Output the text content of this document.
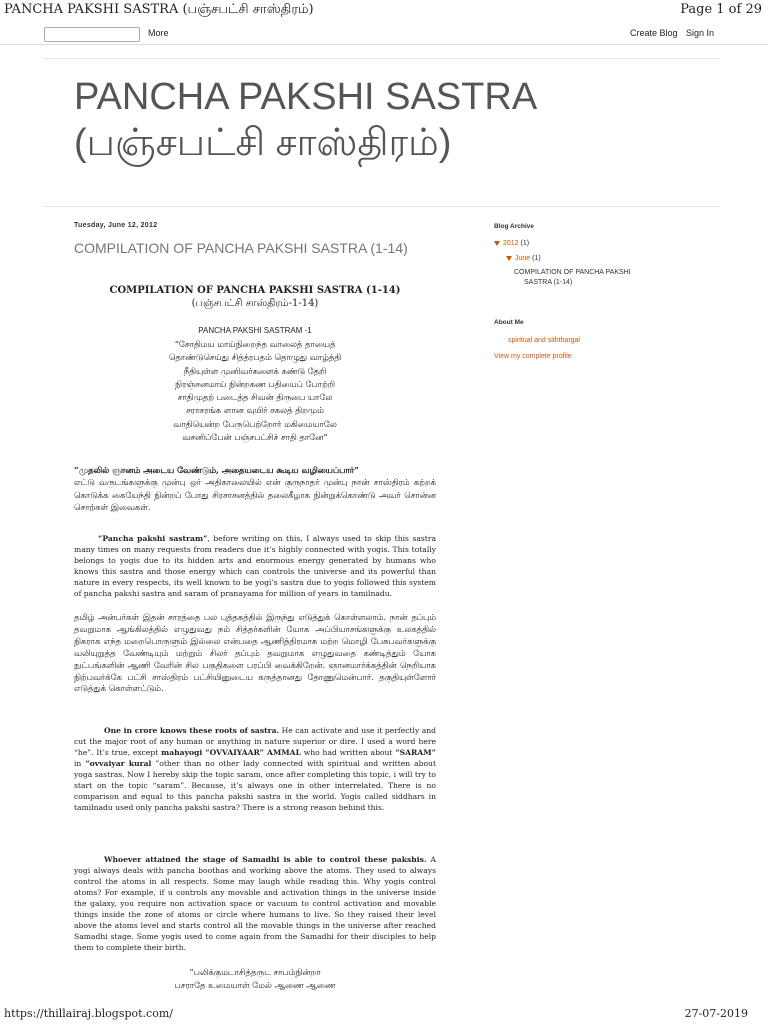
PANCHA PAKSHI SASTRA (பஞ்சபட்சி சாஸ்திரம்)	Page 1 of 29
More	Create Blog Sign In
PANCHA PAKSHI SASTRA
(பஞ்சபட்சி சாஸ்திரம்)
Tuesday, June 12, 2012
COMPILATION OF PANCHA PAKSHI SASTRA (1-14)
COMPILATION OF PANCHA PAKSHI SASTRA (1-14)
(பஞ்சபட்சி சாஸ்திரம்-1-14)
PANCHA PAKSHI SASTRAM -1
“சோதிமய மாய்நிறைந்த வாலைத் தாயைத்
தொண்டுசெய்து சித்த்ரபதம் தொழுது வாழ்த்தி
நீதியுள்ள முனிவர்களைக் கண்டு தேறி
நிரஞ்சனமாய் நின்றகண பதியைப் போற்றி
சாதிமுதற் படைத்த சிவன் திருபை யாலே
சராசரங்க ளான வுயிர் சகலத் திறமும்
வாதியென்ற பேருபெற்றோர் மகிமையாலே
வசனிப்பேன் பஞ்சபட்சிச் சாதி தானே”
“முதலில் ஞானம் அடைய வேண்டும், அதையடைய கூடிய வழியைப்பார்”
எட்டு வருடங்களுக்கு முன்பு ஒர் அதிகாலையில் என் குருநாதர் முன்பு நான் சாஸ்திரம் கற்றக் கொடுக்க கையேந்தி நின்றப் போது சிரசாசனத்தில் தலைகீழாக நின்றுக்கொண்டு அவர் சொன்ன சொற்கள் இவைகள்.
“Pancha pakshi sastram”, before writing on this, I always used to skip this sastra many times on many requests from readers due it’s highly connected with yogis. This totally belongs to yogis due to its hidden arts and enormous energy generated by humans who knows this sastra and those energy which can controls the universe and its powerful than nature in every respects, its well known to be yogi’s sastra due to yogis followed this system of pancha pakshi sastra and saram of pranayama for million of years in tamilnadu.
தமிழ் அன்பர்கள் இதன் சாரத்தை பல புத்தகத்தில் இருந்து எடுத்துக் கொள்ளலாம். நான் தப்பும் தவறுமாக ஆங்கிலத்தில் எழுதுவது நம் சித்தர்களின் யோக அப்பியாசங்களுக்கு உலகத்தில் நிகராக எந்த மறைபொருளும் இல்லை என்பதை ஆணித்திரமாக மற்ற மொழி பேசுபவர்களுக்கு வலியுறுத்த வேண்டியும் மற்றும் சிலர் தப்பும் தவறுமாக எழுதுவதை கண்டித்தும் யோக நுட்பங்களின் ஆணி வேரின் சில பகுதிகளை பரப்பி வைக்கிறேன். ஞானமார்க்கத்தின் நெறியாக நிற்பவர்க்கே பட்சி சாஸ்திரம் பட்சியினுடைய கருத்தானது தோணுமென்பார். தகுதியுள்ளோர் எடுத்துக் கொள்ளட்டும்.
One in crore knows these roots of sastra. He can activate and use it perfectly and cut the major root of any human or anything in nature superior or dire. I used a word here “he”. It’s true, except mahayogi “OVVAIYAAR” AMMAL who had written about “SARAM” in “ovvaiyar kural ”other than no other lady connected with spiritual and written about yoga sastras. Now I hereby skip the topic saram, once after completing this topic, i will try to start on the topic “saram”. Because, it’s always one in other interrelated. There is no comparison and equal to this pancha pakshi sastra in the world. Yogis called siddhars in tamilnadu used only pancha pakshi sastra? There is a strong reason behind this.
Whoever attained the stage of Samadhi is able to control these pakshis. A yogi always deals with pancha boothas and working above the atoms. They used to always control the atoms in all respects. Some may laugh while reading this. Why yogis control atoms? For example, if u controls any movable and activation things in the universe inside the galaxy, you require non activation space or vacuum to control activation and movable things inside the zone of atoms or circle where humans to live. So they raised their level above the atoms level and starts control all the movable things in the universe after reached Samadhi stage. Some yogis used to come again from the Samadhi for their disciples to help them to complete their birth.
“பலிக்குமடாசித்தருட சாபம்நின்றா
பசராதே உமையாள் மேல் ஆணை ஆணை
Blog Archive
2012 (1)
June (1)
COMPILATION OF PANCHA PAKSHI
SASTRA (1-14)
About Me
spiritual and siththargal
View my complete profile
https://thillairaj.blogspot.com/	27-07-2019
